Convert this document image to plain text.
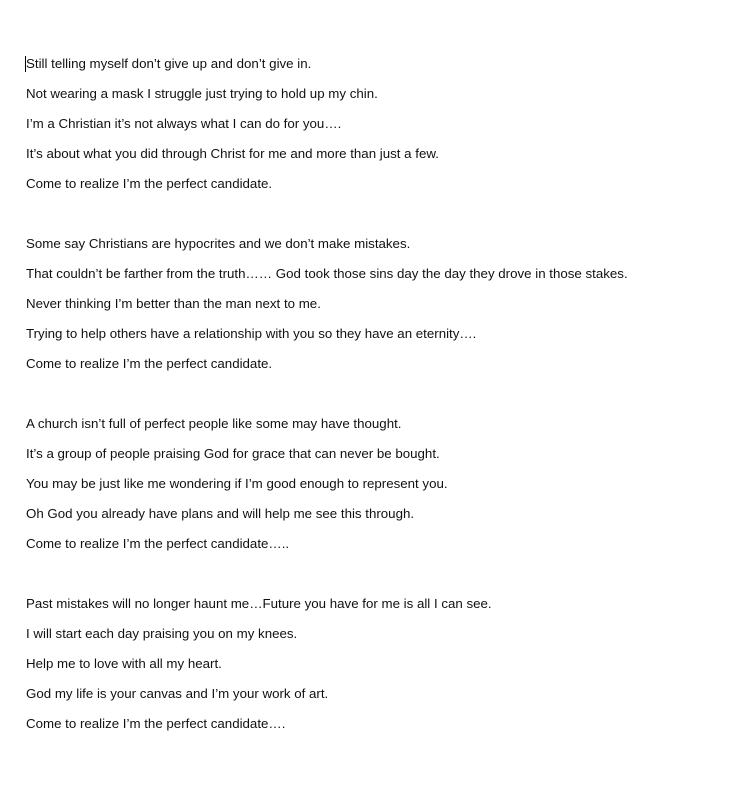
Still telling myself don’t give up and don’t give in.
Not wearing a mask I struggle just trying to hold up my chin.
I’m a Christian it’s not always what I can do for you….
It’s about what you did through Christ for me and more than just a few.
Come to realize I’m the perfect candidate.
Some say Christians are hypocrites and we don’t make mistakes.
That couldn’t be farther from the truth…… God took those sins day the day they drove in those stakes.
Never thinking I’m better than the man next to me.
Trying to help others have a relationship with you so they have an eternity….
Come to realize I’m the perfect candidate.
A church isn’t full of perfect people like some may have thought.
It’s a group of people praising God for grace that can never be bought.
You may be just like me wondering if I’m good enough to represent you.
Oh God you already have plans and will help me see this through.
Come to realize I’m the perfect candidate…..
Past mistakes will no longer haunt me…Future you have for me is all I can see.
I will start each day praising you on my knees.
Help me to love with all my heart.
God my life is your canvas and I’m your work of art.
Come to realize I’m the perfect candidate….
